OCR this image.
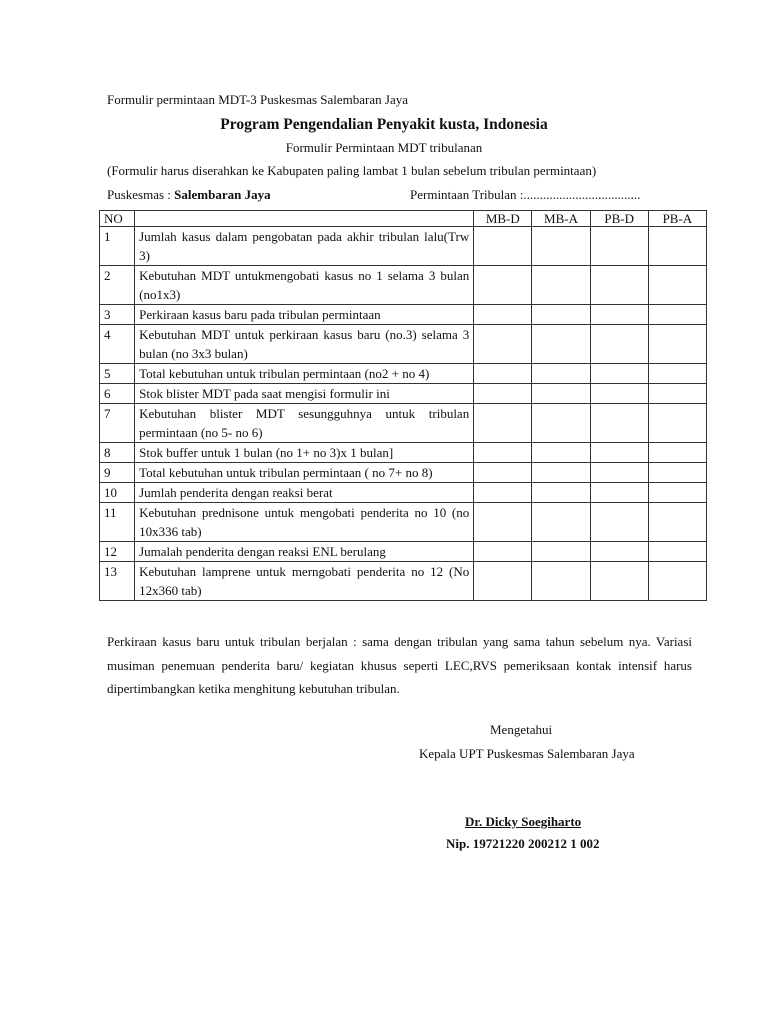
Formulir permintaan MDT-3 Puskesmas Salembaran Jaya
Program Pengendalian Penyakit kusta, Indonesia
Formulir Permintaan MDT tribulanan
(Formulir harus diserahkan ke Kabupaten paling lambat 1 bulan sebelum tribulan permintaan)
Puskesmas : Salembaran Jaya	Permintaan Tribulan :....................................
NO		MB-D	MB-A	PB-D	PB-A
1	Jumlah kasus dalam pengobatan pada akhir tribulan lalu(Trw 3)				
2	Kebutuhan MDT untukmengobati kasus no 1 selama 3 bulan (no1x3)				
3	Perkiraan kasus baru pada tribulan permintaan				
4	Kebutuhan MDT untuk perkiraan kasus baru (no.3) selama 3 bulan (no 3x3 bulan)				
5	Total kebutuhan untuk tribulan permintaan (no2 + no 4)				
6	Stok blister MDT pada saat mengisi formulir ini				
7	Kebutuhan blister MDT sesungguhnya untuk tribulan permintaan (no 5- no 6)				
8	Stok buffer untuk 1 bulan (no 1+ no 3)x 1 bulan]				
9	Total kebutuhan untuk tribulan permintaan ( no 7+ no 8)				
10	Jumlah penderita dengan reaksi berat				
11	Kebutuhan prednisone untuk mengobati penderita no 10 (no 10x336 tab)				
12	Jumalah penderita dengan reaksi ENL berulang				
13	Kebutuhan lamprene untuk merngobati penderita no 12 (No 12x360 tab)				
Perkiraan kasus baru untuk tribulan berjalan : sama dengan tribulan yang sama tahun sebelum nya. Variasi musiman penemuan penderita baru/ kegiatan khusus seperti LEC,RVS pemeriksaan kontak intensif harus dipertimbangkan ketika menghitung kebutuhan tribulan.
Mengetahui
Kepala UPT Puskesmas Salembaran Jaya
Dr. Dicky Soegiharto
Nip. 19721220 200212 1 002
